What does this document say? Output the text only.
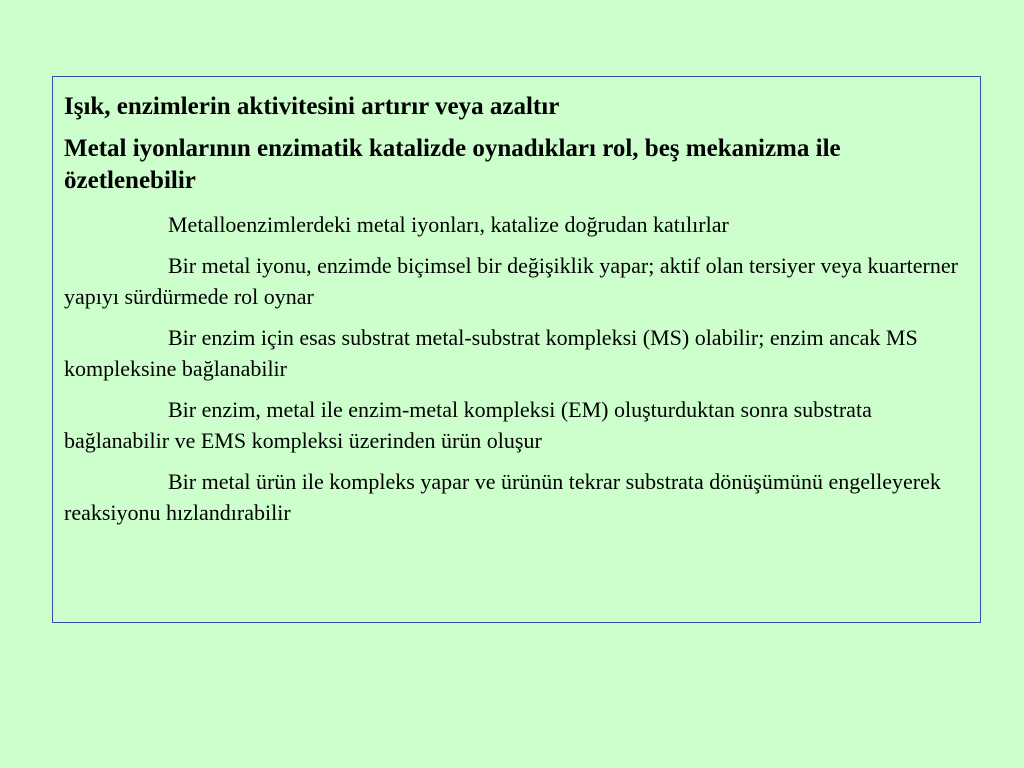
Işık, enzimlerin aktivitesini artırır veya azaltır

Metal iyonlarının enzimatik katalizde oynadıkları rol, beş mekanizma ile özetlenebilir

Metalloenzimlerdeki metal iyonları, katalize doğrudan katılırlar

Bir metal iyonu, enzimde biçimsel bir değişiklik yapar; aktif olan tersiyer veya kuarterner yapıyı sürdürmede rol oynar

Bir enzim için esas substrat metal-substrat kompleksi (MS) olabilir; enzim ancak MS kompleksine bağlanabilir

Bir enzim, metal ile enzim-metal kompleksi (EM) oluşturduktan sonra substrata bağlanabilir ve EMS kompleksi üzerinden ürün oluşur

Bir metal ürün ile kompleks yapar ve ürünün tekrar substrata dönüşümünü engelleyerek reaksiyonu hızlandırabilir
